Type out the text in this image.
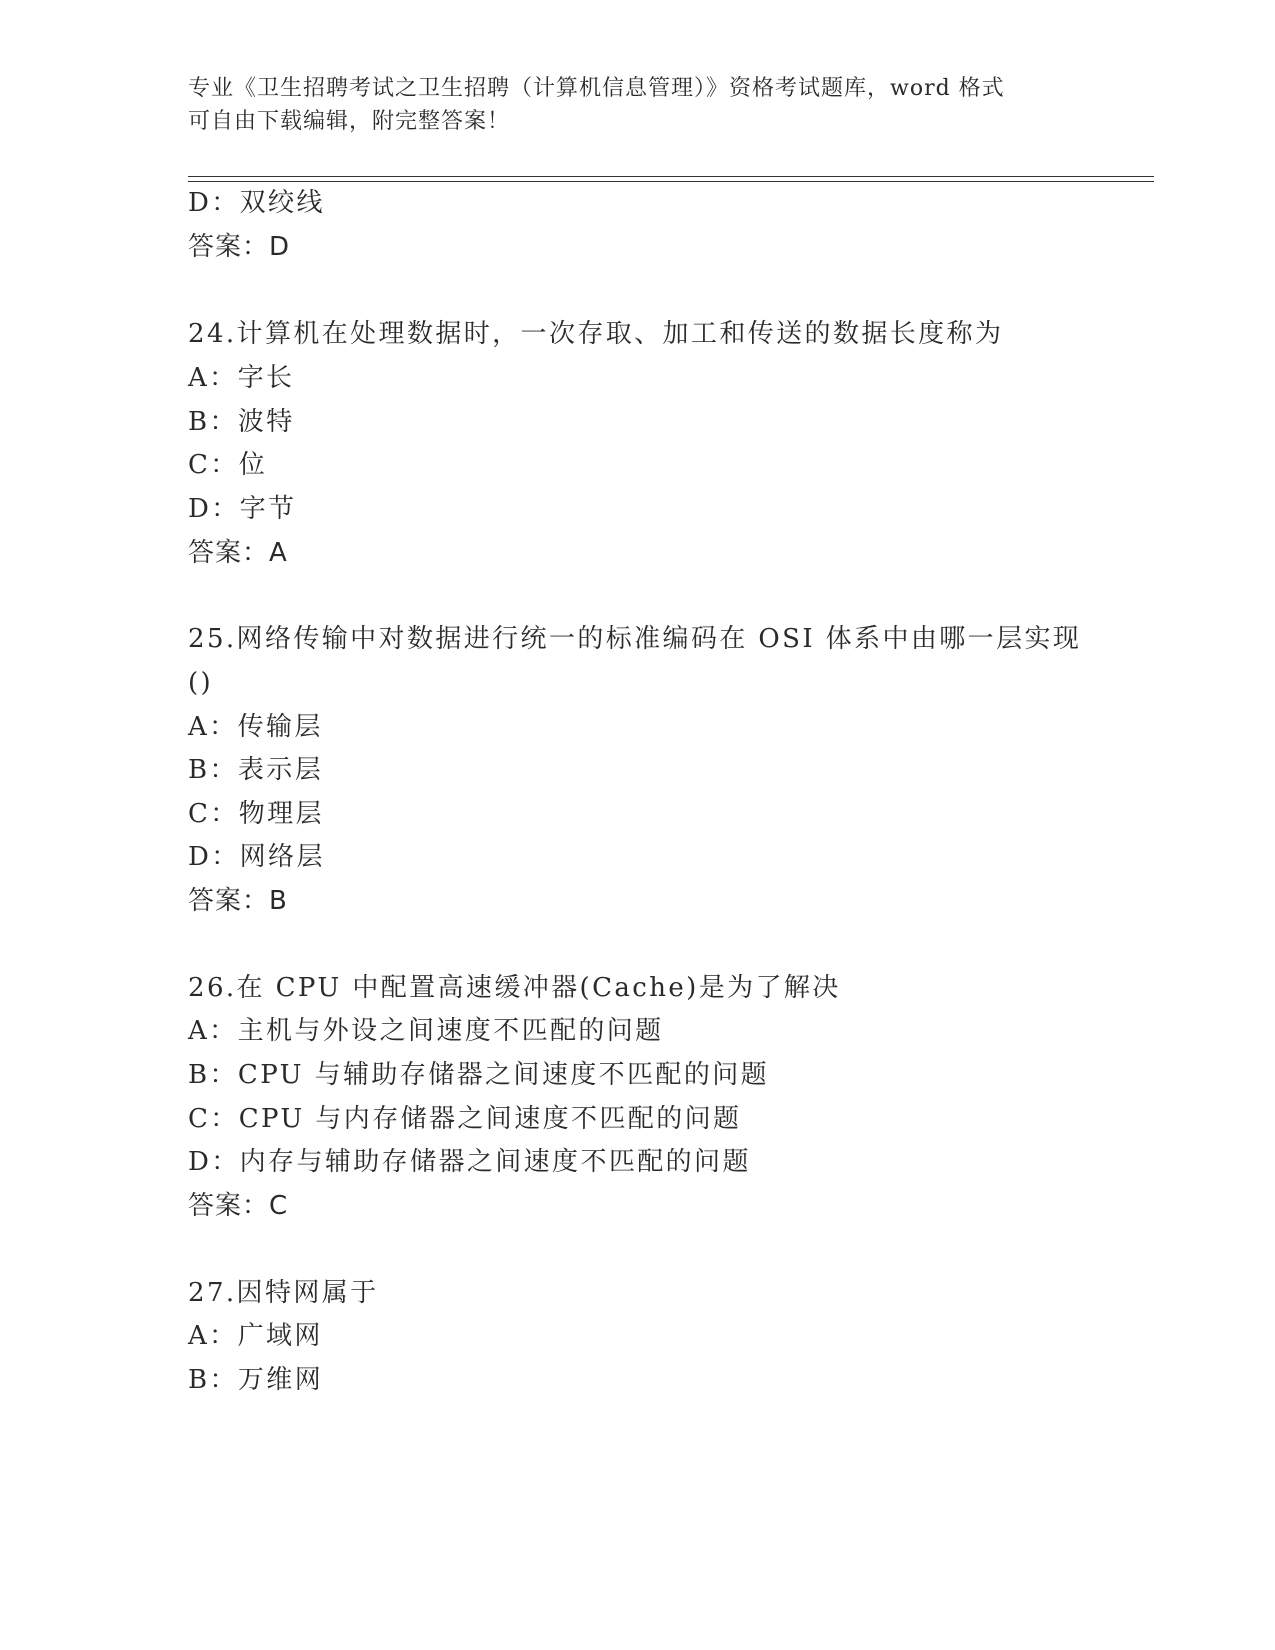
专业《卫生招聘考试之卫生招聘（计算机信息管理）》资格考试题库，word 格式
可自由下载编辑，附完整答案！
D：双绞线
答案：D
24.计算机在处理数据时，一次存取、加工和传送的数据长度称为
A：字长
B：波特
C：位
D：字节
答案：A
25.网络传输中对数据进行统一的标准编码在 OSI 体系中由哪一层实现
()
A：传输层
B：表示层
C：物理层
D：网络层
答案：B
26.在 CPU 中配置高速缓冲器(Cache)是为了解决
A：主机与外设之间速度不匹配的问题
B：CPU 与辅助存储器之间速度不匹配的问题
C：CPU 与内存储器之间速度不匹配的问题
D：内存与辅助存储器之间速度不匹配的问题
答案：C
27.因特网属于
A：广域网
B：万维网
